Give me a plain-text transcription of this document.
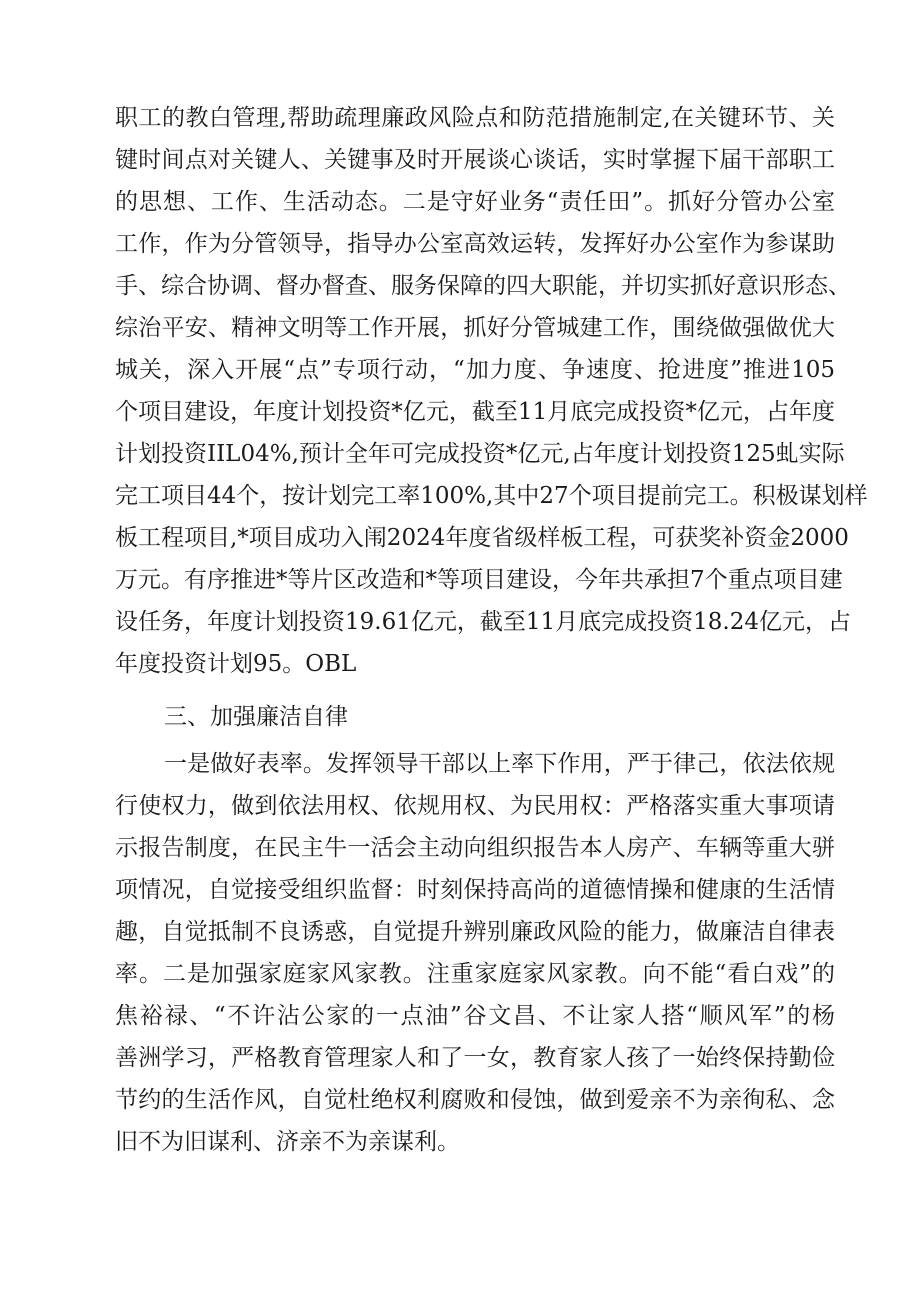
职工的教白管理,帮助疏理廉政风险点和防范措施制定,在关键环节、关
键时间点对关键人、关键事及时开展谈心谈话，实时掌握下届干部职工
的思想、工作、生活动态。二是守好业务“责任田”。抓好分管办公室
工作，作为分管领导，指导办公室高效运转，发挥好办公室作为参谋助
手、综合协调、督办督查、服务保障的四大职能，并切实抓好意识形态、
综治平安、精神文明等工作开展，抓好分管城建工作，围绕做强做优大
城关，深入开展“点”专项行动，“加力度、争速度、抢进度”推进105
个项目建设，年度计划投资*亿元，截至11月底完成投资*亿元，占年度
计划投资IIL04%,预计全年可完成投资*亿元,占年度计划投资125虬实际
完工项目44个，按计划完工率100%,其中27个项目提前完工。积极谋划样
板工程项目,*项目成功入闱2024年度省级样板工程，可获奖补资金2000
万元。有序推进*等片区改造和*等项目建设，今年共承担7个重点项目建
设任务，年度计划投资19.61亿元，截至11月底完成投资18.24亿元，占
年度投资计划95。OBL
三、加强廉洁自律
一是做好表率。发挥领导干部以上率下作用，严于律己，依法依规
行使权力，做到依法用权、依规用权、为民用权：严格落实重大事项请
示报告制度，在民主牛一活会主动向组织报告本人房产、车辆等重大骈
项情况，自觉接受组织监督：时刻保持高尚的道德情操和健康的生活情
趣，自觉抵制不良诱惑，自觉提升辨别廉政风险的能力，做廉洁自律表
率。二是加强家庭家风家教。注重家庭家风家教。向不能“看白戏”的
焦裕禄、“不许沾公家的一点油”谷文昌、不让家人搭“顺风军”的杨
善洲学习，严格教育管理家人和了一女，教育家人孩了一始终保持勤俭
节约的生活作风，自觉杜绝权利腐败和侵蚀，做到爱亲不为亲徇私、念
旧不为旧谋利、济亲不为亲谋利。
